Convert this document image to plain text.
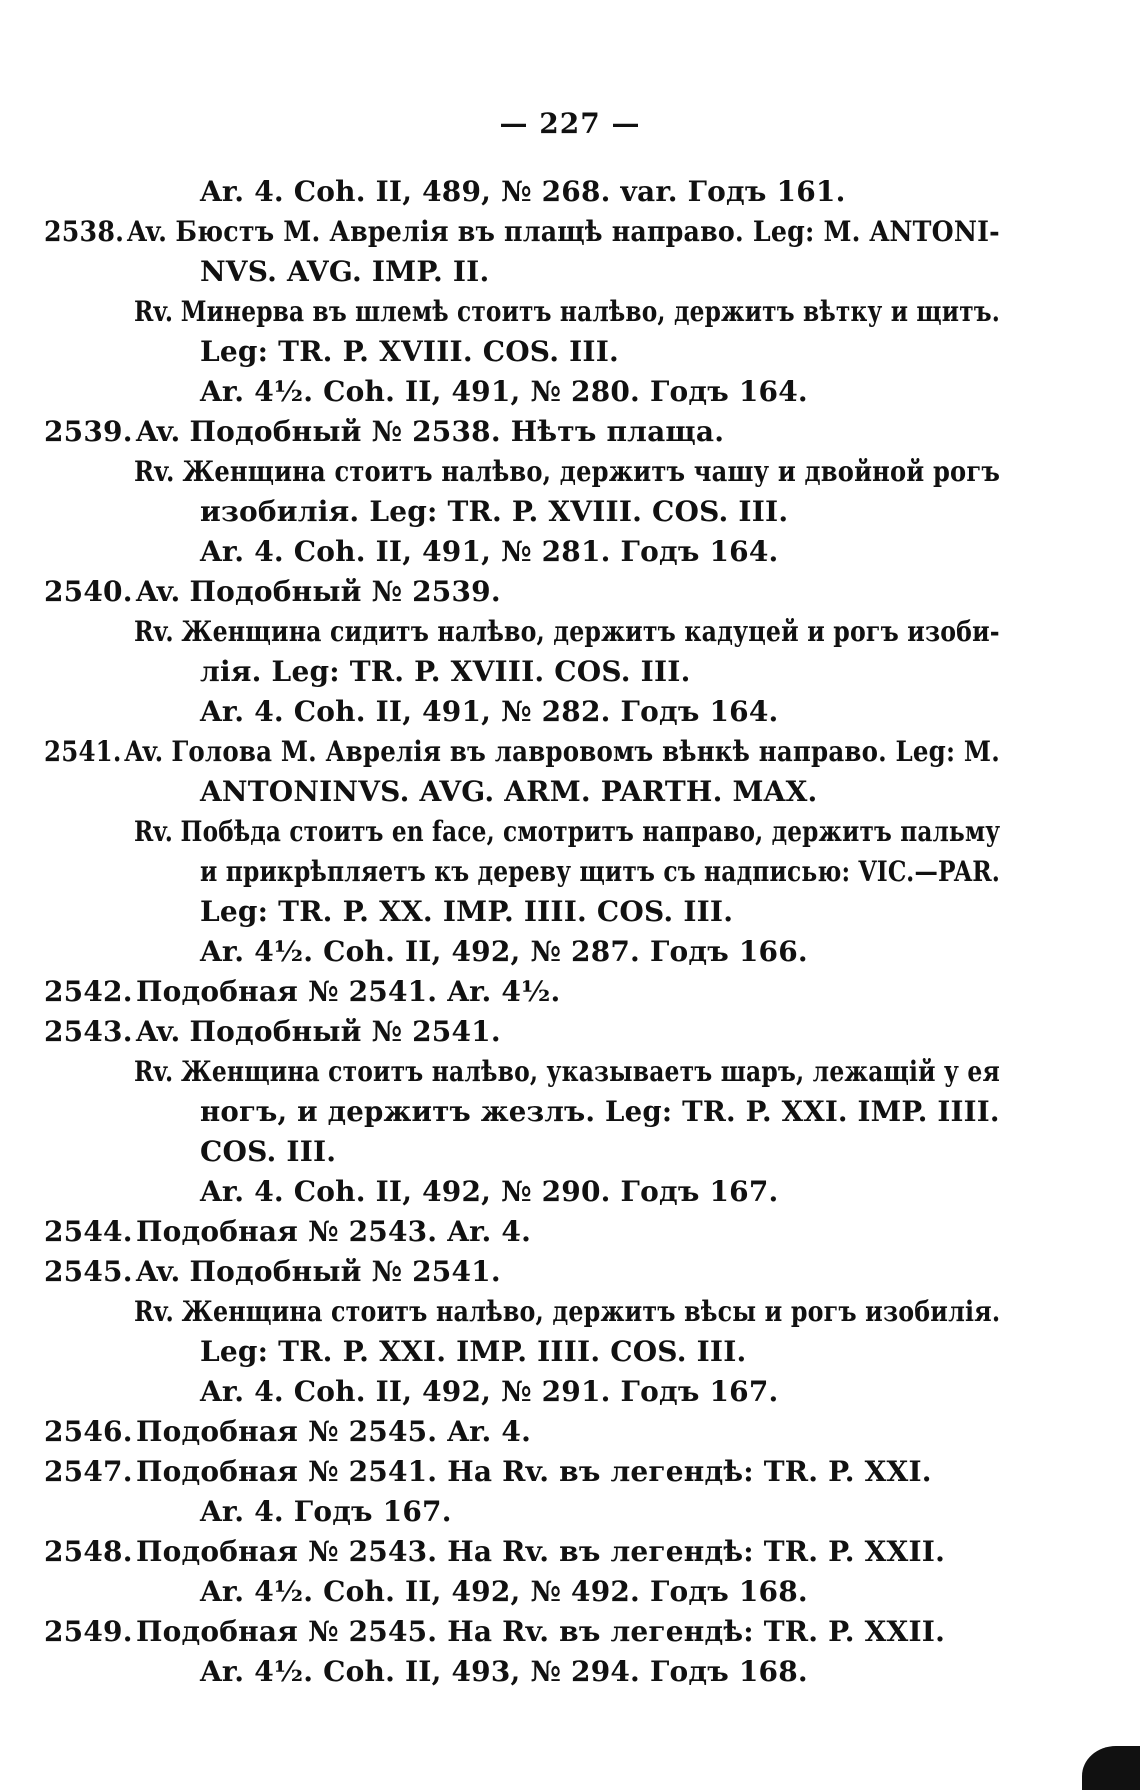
— 227 —
Ar. 4. Coh. II, 489, № 268. var. Годъ 161.
2538. Av. Бюстъ М. Аврелія въ плащѣ направо. Leg: M. ANTONI-
NVS. AVG. IMP. II.
Rv. Минерва въ шлемѣ стоитъ налѣво, держитъ вѣтку и щитъ.
Leg: TR. P. XVIII. COS. III.
Ar. 4½. Coh. II, 491, № 280. Годъ 164.
2539. Av. Подобный № 2538. Нѣтъ плаща.
Rv. Женщина стоитъ налѣво, держитъ чашу и двойной рогъ
изобилія. Leg: TR. P. XVIII. COS. III.
Ar. 4. Coh. II, 491, № 281. Годъ 164.
2540. Av. Подобный № 2539.
Rv. Женщина сидитъ налѣво, держитъ кадуцей и рогъ изоби-
лія. Leg: TR. P. XVIII. COS. III.
Ar. 4. Coh. II, 491, № 282. Годъ 164.
2541. Av. Голова М. Аврелія въ лавровомъ вѣнкѣ направо. Leg: M.
ANTONINVS. AVG. ARM. PARTH. MAX.
Rv. Побѣда стоитъ en face, смотритъ направо, держитъ пальму
и прикрѣпляетъ къ дереву щитъ съ надписью: VIC.—PAR.
Leg: TR. P. XX. IMP. IIII. COS. III.
Ar. 4½. Coh. II, 492, № 287. Годъ 166.
2542. Подобная № 2541. Ar. 4½.
2543. Av. Подобный № 2541.
Rv. Женщина стоитъ налѣво, указываетъ шаръ, лежащій у ея
ногъ, и держитъ жезлъ. Leg: TR. P. XXI. IMP. IIII.
COS. III.
Ar. 4. Coh. II, 492, № 290. Годъ 167.
2544. Подобная № 2543. Ar. 4.
2545. Av. Подобный № 2541.
Rv. Женщина стоитъ налѣво, держитъ вѣсы и рогъ изобилія.
Leg: TR. P. XXI. IMP. IIII. COS. III.
Ar. 4. Coh. II, 492, № 291. Годъ 167.
2546. Подобная № 2545. Ar. 4.
2547. Подобная № 2541. На Rv. въ легендѣ: TR. P. XXI.
Ar. 4. Годъ 167.
2548. Подобная № 2543. На Rv. въ легендѣ: TR. P. XXII.
Ar. 4½. Coh. II, 492, № 492. Годъ 168.
2549. Подобная № 2545. На Rv. въ легендѣ: TR. P. XXII.
Ar. 4½. Coh. II, 493, № 294. Годъ 168.
